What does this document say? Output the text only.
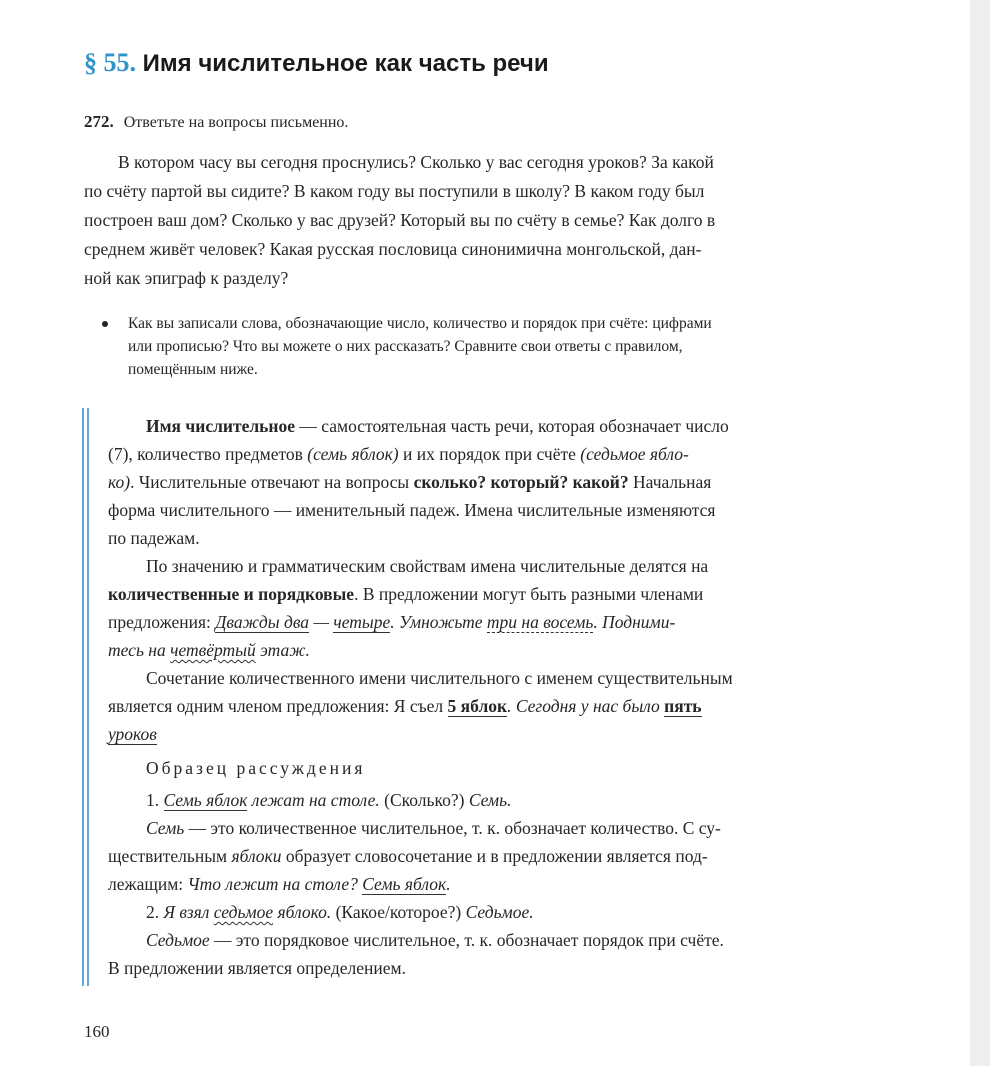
§ 55. Имя числительное как часть речи
272. Ответьте на вопросы письменно.
В котором часу вы сегодня проснулись? Сколько у вас сегодня уроков? За какой
по счёту партой вы сидите? В каком году вы поступили в школу? В каком году был
построен ваш дом? Сколько у вас друзей? Который вы по счёту в семье? Как долго в
среднем живёт человек? Какая русская пословица синонимична монгольской, дан-
ной как эпиграф к разделу?
Как вы записали слова, обозначающие число, количество и порядок при счёте: цифрами
или прописью? Что вы можете о них рассказать? Сравните свои ответы с правилом,
помещённым ниже.
Имя числительное — самостоятельная часть речи, которая обозначает число
(7), количество предметов (семь яблок) и их порядок при счёте (седьмое ябло-
ко). Числительные отвечают на вопросы сколько? который? какой? Начальная
форма числительного — именительный падеж. Имена числительные изменяются
по падежам.
По значению и грамматическим свойствам имена числительные делятся на
количественные и порядковые. В предложении могут быть разными членами
предложения: Дважды два — четыре. Умножьте три на восемь. Подними-
тесь на четвёртый этаж.
Сочетание количественного имени числительного с именем существительным
является одним членом предложения: Я съел 5 яблок. Сегодня у нас было пять
уроков
Образец рассуждения
1. Семь яблок лежат на столе. (Сколько?) Семь.
Семь — это количественное числительное, т. к. обозначает количество. С су-
ществительным яблоки образует словосочетание и в предложении является под-
лежащим: Что лежит на столе? Семь яблок.
2. Я взял седьмое яблоко. (Какое/которое?) Седьмое.
Седьмое — это порядковое числительное, т. к. обозначает порядок при счёте.
В предложении является определением.
160
